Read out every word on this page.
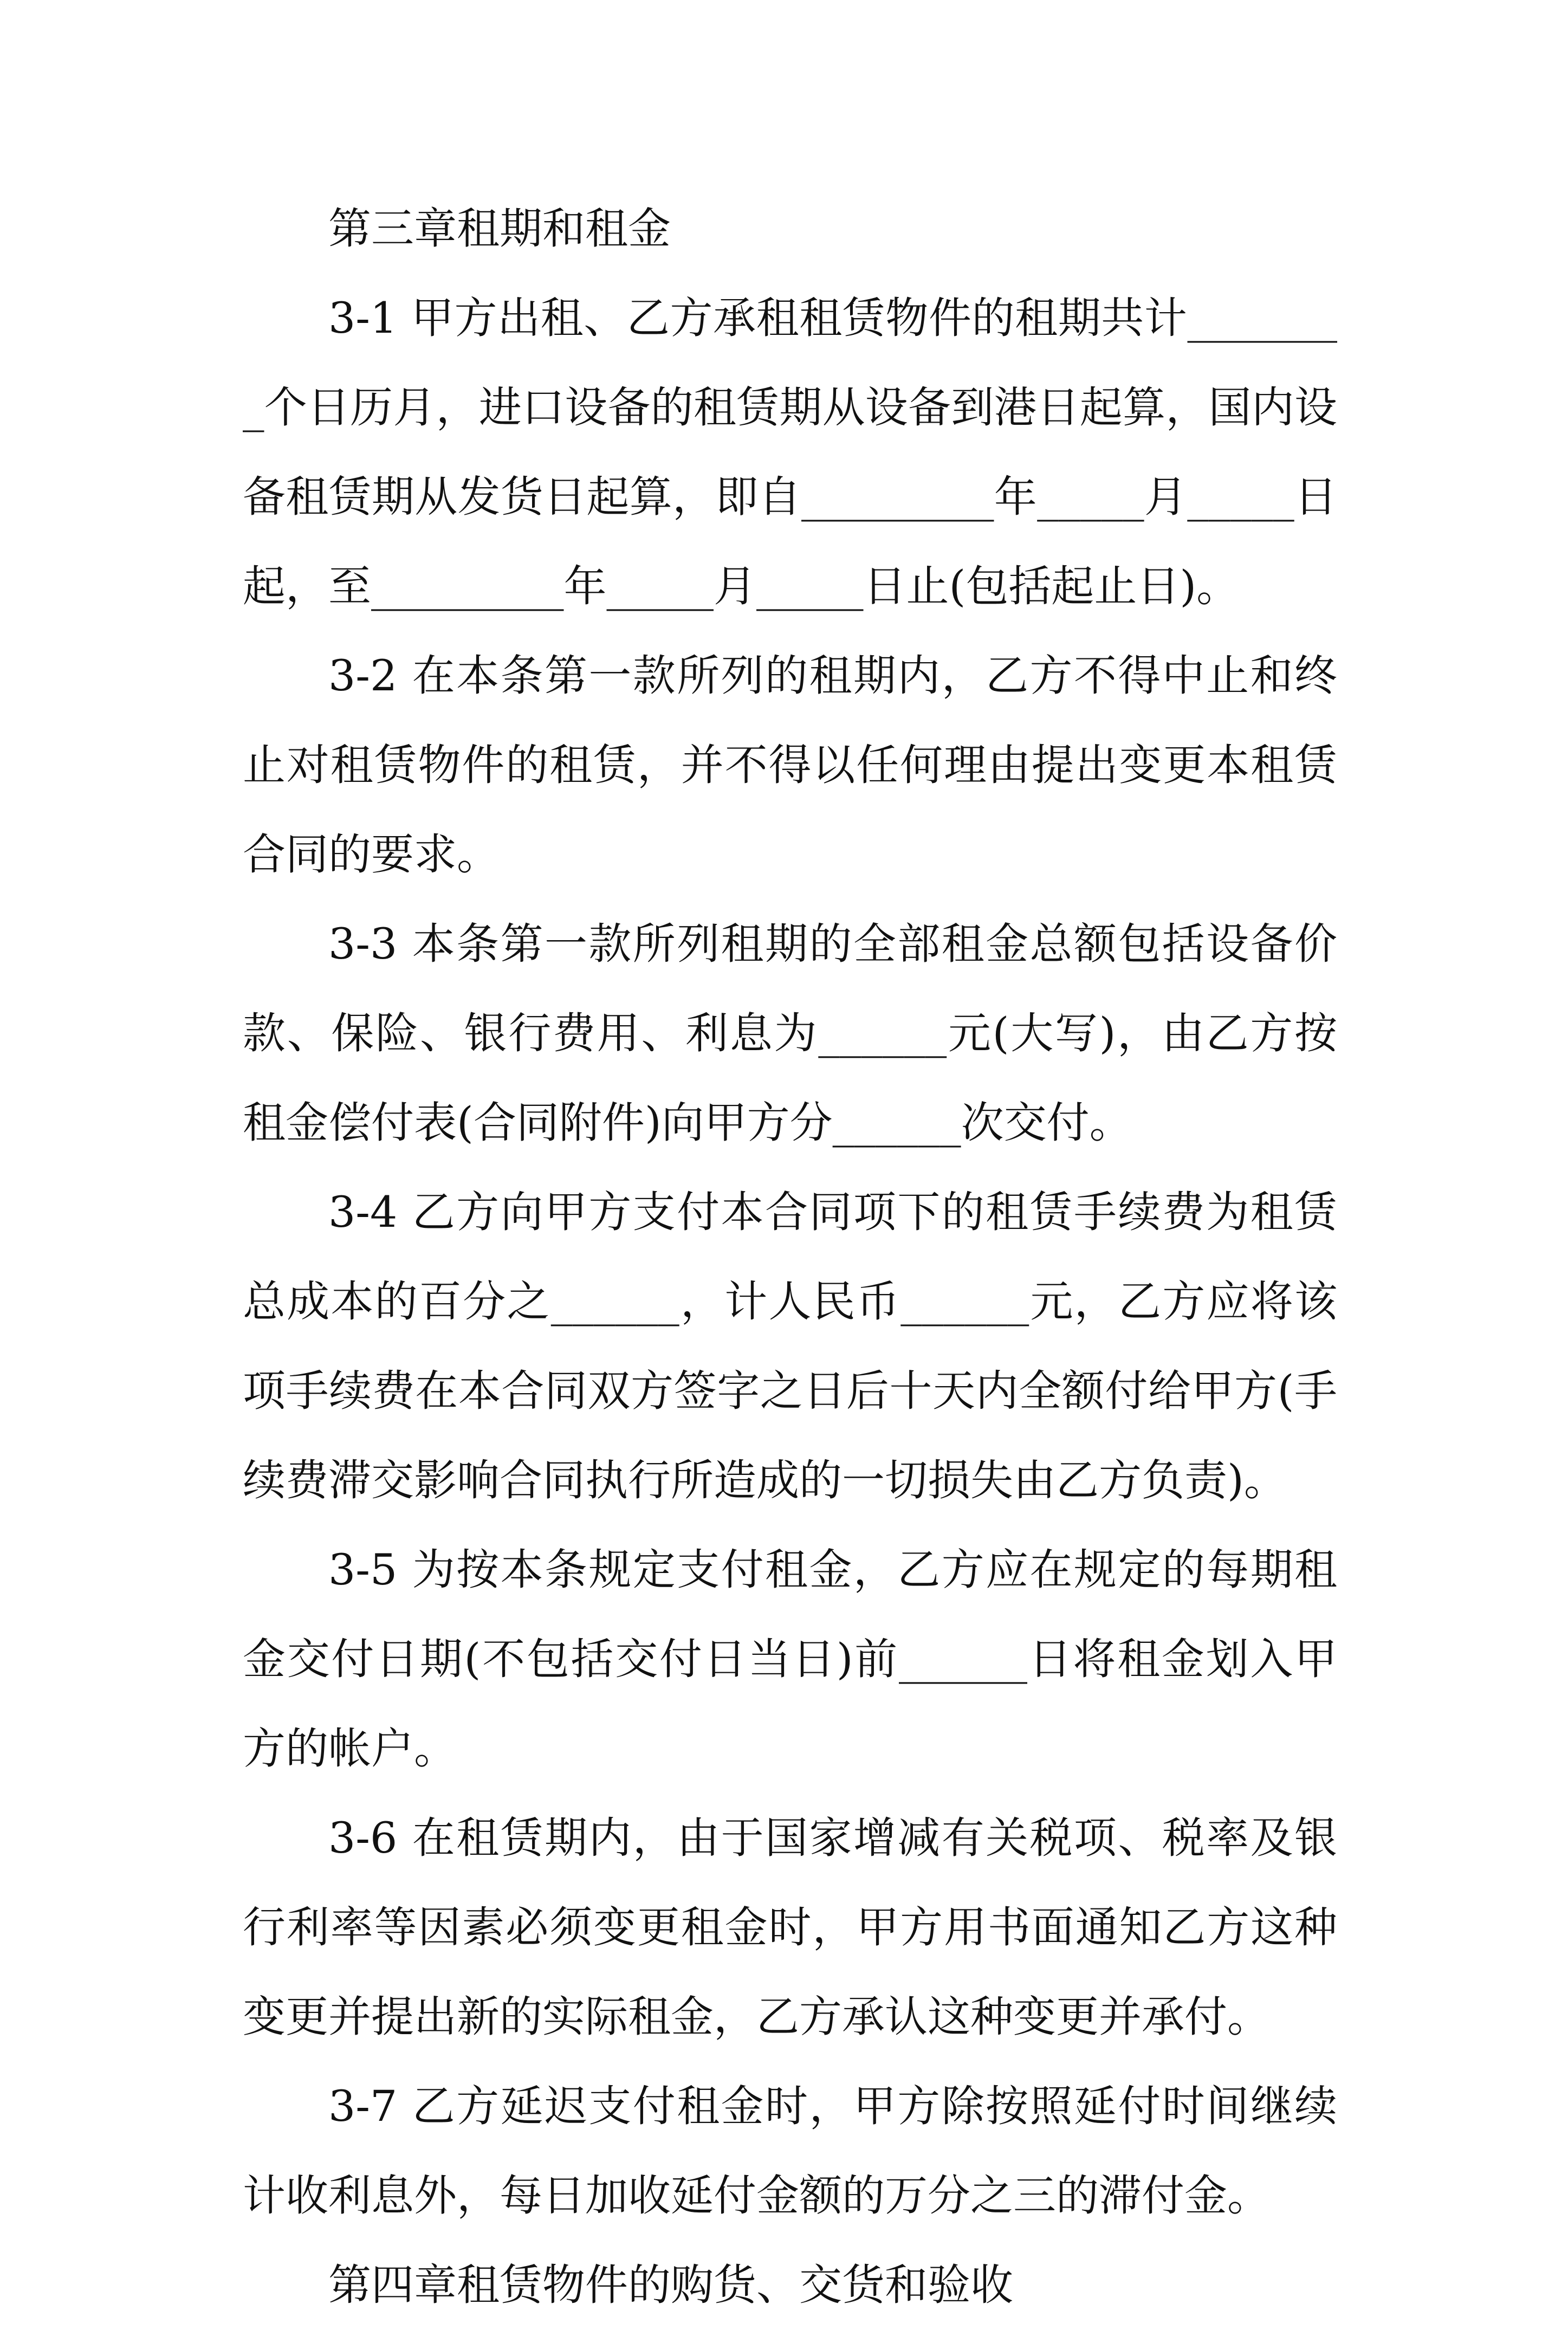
第三章租期和租金

3-1 甲方出租、乙方承租租赁物件的租期共计________个日历月，进口设备的租赁期从设备到港日起算，国内设备租赁期从发货日起算，即自_________年_____月_____日起，至_________年_____月_____日止(包括起止日)。

3-2 在本条第一款所列的租期内，乙方不得中止和终止对租赁物件的租赁，并不得以任何理由提出变更本租赁合同的要求。

3-3 本条第一款所列租期的全部租金总额包括设备价款、保险、银行费用、利息为______元(大写)，由乙方按租金偿付表(合同附件)向甲方分______次交付。

3-4 乙方向甲方支付本合同项下的租赁手续费为租赁总成本的百分之______，计人民币______元，乙方应将该项手续费在本合同双方签字之日后十天内全额付给甲方(手续费滞交影响合同执行所造成的一切损失由乙方负责)。

3-5 为按本条规定支付租金，乙方应在规定的每期租金交付日期(不包括交付日当日)前______日将租金划入甲方的帐户。

3-6 在租赁期内，由于国家增减有关税项、税率及银行利率等因素必须变更租金时，甲方用书面通知乙方这种变更并提出新的实际租金，乙方承认这种变更并承付。

3-7 乙方延迟支付租金时，甲方除按照延付时间继续计收利息外，每日加收延付金额的万分之三的滞付金。

第四章租赁物件的购货、交货和验收
